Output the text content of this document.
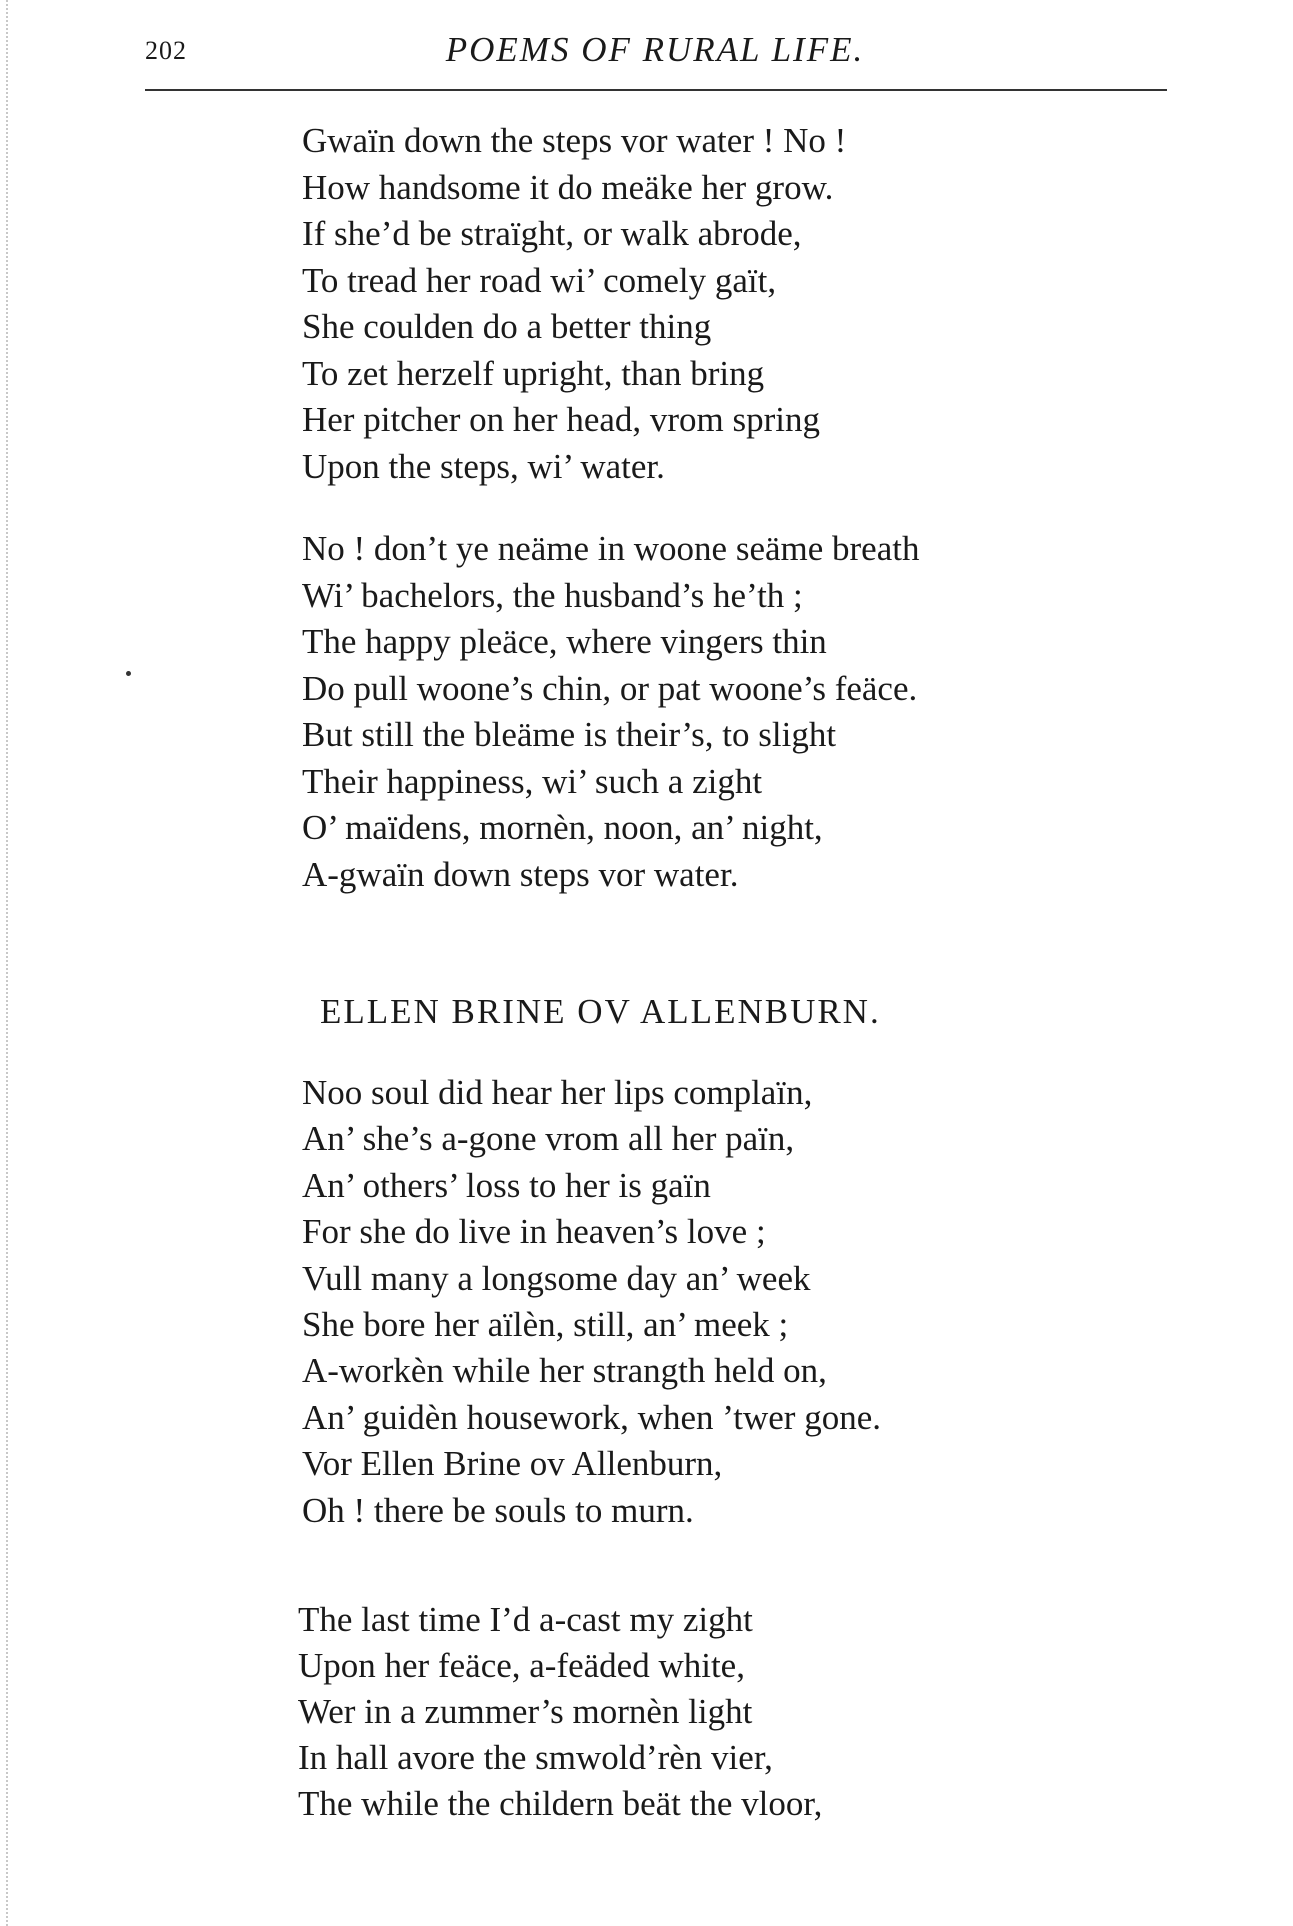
202	POEMS OF RURAL LIFE.
Gwaïn down the steps vor water ! No !
How handsome it do meäke her grow.
If she’d be straïght, or walk abrode,
To tread her road wi’ comely gaït,
She coulden do a better thing
To zet herzelf upright, than bring
Her pitcher on her head, vrom spring
Upon the steps, wi’ water.
No ! don’t ye neäme in woone seäme breath
Wi’ bachelors, the husband’s he’th ;
The happy pleäce, where vingers thin
Do pull woone’s chin, or pat woone’s feäce.
But still the bleäme is their’s, to slight
Their happiness, wi’ such a zight
O’ maïdens, mornèn, noon, an’ night,
A-gwaïn down steps vor water.
ELLEN BRINE OV ALLENBURN.
Noo soul did hear her lips complaïn,
An’ she’s a-gone vrom all her païn,
An’ others’ loss to her is gaïn
For she do live in heaven’s love ;
Vull many a longsome day an’ week
She bore her aïlèn, still, an’ meek ;
A-workèn while her strangth held on,
An’ guidèn housework, when ’twer gone.
Vor Ellen Brine ov Allenburn,
Oh ! there be souls to murn.
The last time I’d a-cast my zight
Upon her feäce, a-feäded white,
Wer in a zummer’s mornèn light
In hall avore the smwold’rèn vier,
The while the childern beät the vloor,
